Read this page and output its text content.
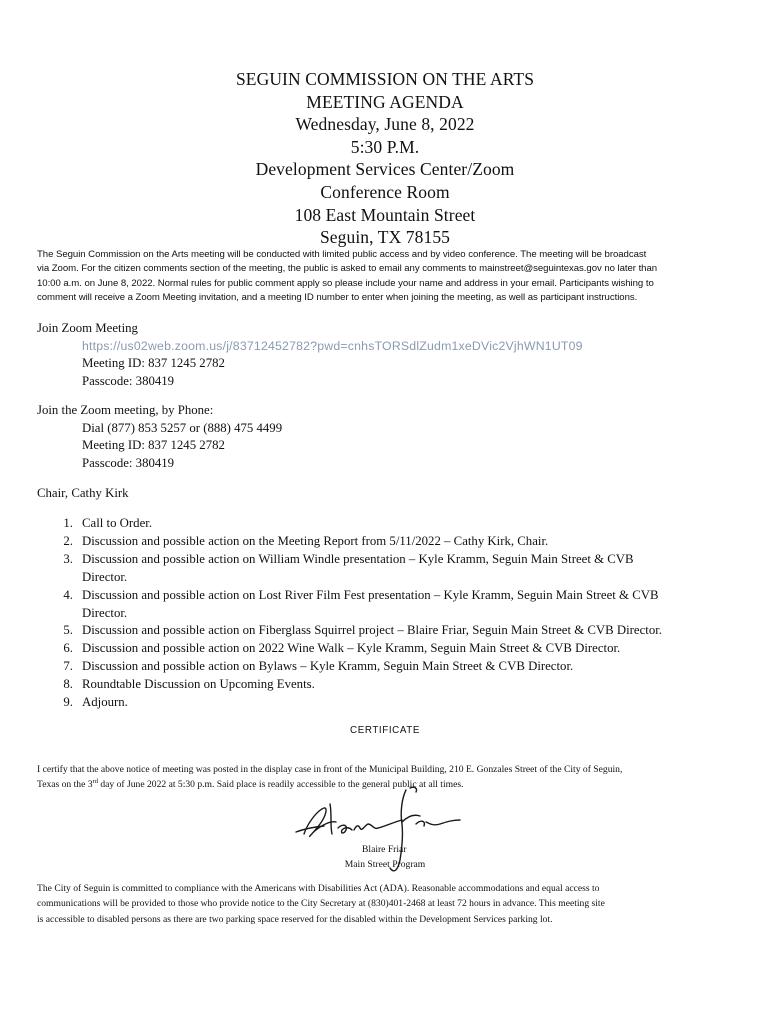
SEGUIN COMMISSION ON THE ARTS
MEETING AGENDA
Wednesday, June 8, 2022
5:30 P.M.
Development Services Center/Zoom
Conference Room
108 East Mountain Street
Seguin, TX 78155
The Seguin Commission on the Arts meeting will be conducted with limited public access and by video conference. The meeting will be broadcast
via Zoom. For the citizen comments section of the meeting, the public is asked to email any comments to mainstreet@seguintexas.gov no later than
10:00 a.m. on June 8, 2022. Normal rules for public comment apply so please include your name and address in your email. Participants wishing to
comment will receive a Zoom Meeting invitation, and a meeting ID number to enter when joining the meeting, as well as participant instructions.
Join Zoom Meeting
https://us02web.zoom.us/j/83712452782?pwd=cnhsTORSdlZudm1xeDVic2VjhWN1UT09
Meeting ID: 837 1245 2782
Passcode: 380419
Join the Zoom meeting, by Phone:
Dial (877) 853 5257 or (888) 475 4499
Meeting ID: 837 1245 2782
Passcode: 380419
Chair, Cathy Kirk
1. Call to Order.
2. Discussion and possible action on the Meeting Report from 5/11/2022 – Cathy Kirk, Chair.
3. Discussion and possible action on William Windle presentation – Kyle Kramm, Seguin Main Street & CVB
Director.
4. Discussion and possible action on Lost River Film Fest presentation – Kyle Kramm, Seguin Main Street & CVB
Director.
5. Discussion and possible action on Fiberglass Squirrel project – Blaire Friar, Seguin Main Street & CVB Director.
6. Discussion and possible action on 2022 Wine Walk – Kyle Kramm, Seguin Main Street & CVB Director.
7. Discussion and possible action on Bylaws – Kyle Kramm, Seguin Main Street & CVB Director.
8. Roundtable Discussion on Upcoming Events.
9. Adjourn.
CERTIFICATE
I certify that the above notice of meeting was posted in the display case in front of the Municipal Building, 210 E. Gonzales Street of the City of Seguin,
Texas on the 3rd day of June 2022 at 5:30 p.m. Said place is readily accessible to the general public at all times.
Blaire Friar
Main Street Program
The City of Seguin is committed to compliance with the Americans with Disabilities Act (ADA). Reasonable accommodations and equal access to
communications will be provided to those who provide notice to the City Secretary at (830)401-2468 at least 72 hours in advance. This meeting site
is accessible to disabled persons as there are two parking space reserved for the disabled within the Development Services parking lot.
